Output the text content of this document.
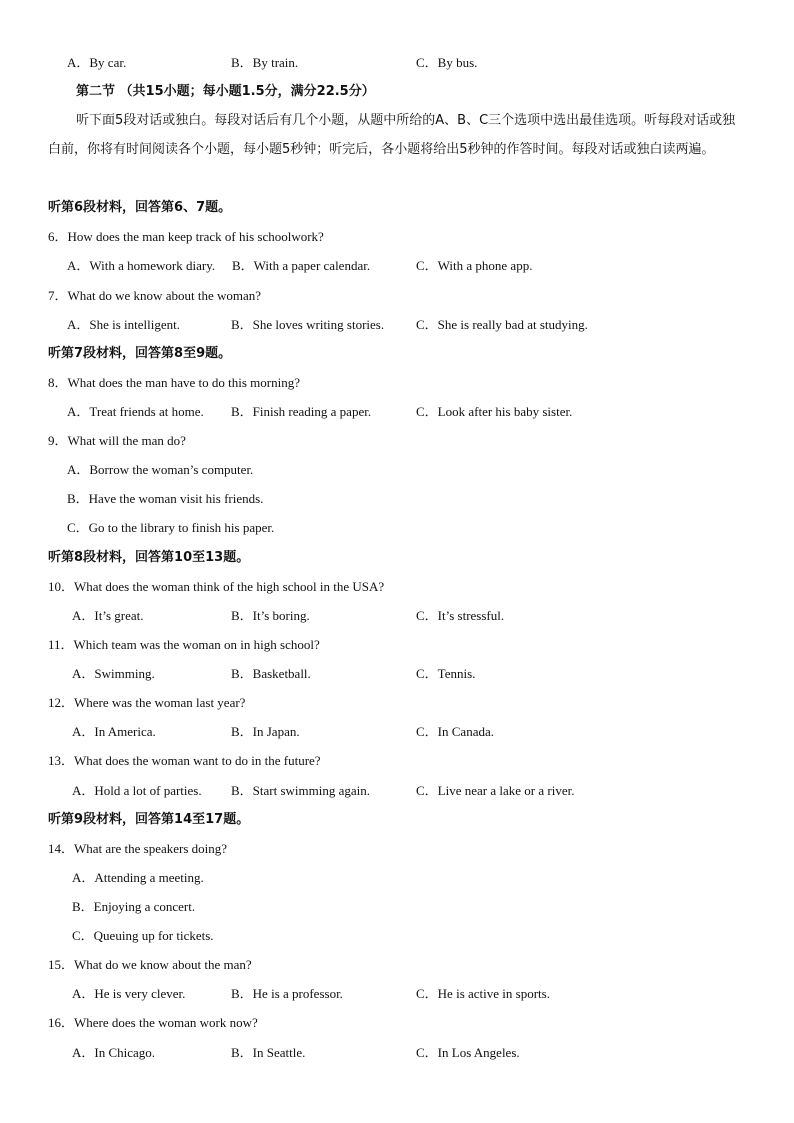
A．By car.	B．By train.	C．By bus.
第二节 （共15小题；每小题1.5分，满分22.5分）
听下面5段对话或独白。每段对话后有几个小题，从题中所给的A、B、C三个选项中选出最佳选项。听每段对话或独白前，你将有时间阅读各个小题，每小题5秒钟；听完后，各小题将给出5秒钟的作答时间。每段对话或独白读两遍。
听第6段材料，回答第6、7题。
6．How does the man keep track of his schoolwork?
A．With a homework diary. B．With a paper calendar.	C．With a phone app.
7．What do we know about the woman?
A．She is intelligent.	B．She loves writing stories. C．She is really bad at studying.
听第7段材料，回答第8至9题。
8．What does the man have to do this morning?
A．Treat friends at home. B．Finish reading a paper.	C．Look after his baby sister.
9．What will the man do?
A．Borrow the woman’s computer.
B．Have the woman visit his friends.
C．Go to the library to finish his paper.
听第8段材料，回答第10至13题。
10．What does the woman think of the high school in the USA?
A．It’s great.	B．It’s boring.	C．It’s stressful.
11．Which team was the woman on in high school?
A．Swimming.	B．Basketball.	C．Tennis.
12．Where was the woman last year?
A．In America.	B．In Japan.	C．In Canada.
13．What does the woman want to do in the future?
A．Hold a lot of parties. B．Start swimming again.	C．Live near a lake or a river.
听第9段材料，回答第14至17题。
14．What are the speakers doing?
A．Attending a meeting.
B．Enjoying a concert.
C．Queuing up for tickets.
15．What do we know about the man?
A．He is very clever.	B．He is a professor.	C．He is active in sports.
16．Where does the woman work now?
A．In Chicago.	B．In Seattle.	C．In Los Angeles.
